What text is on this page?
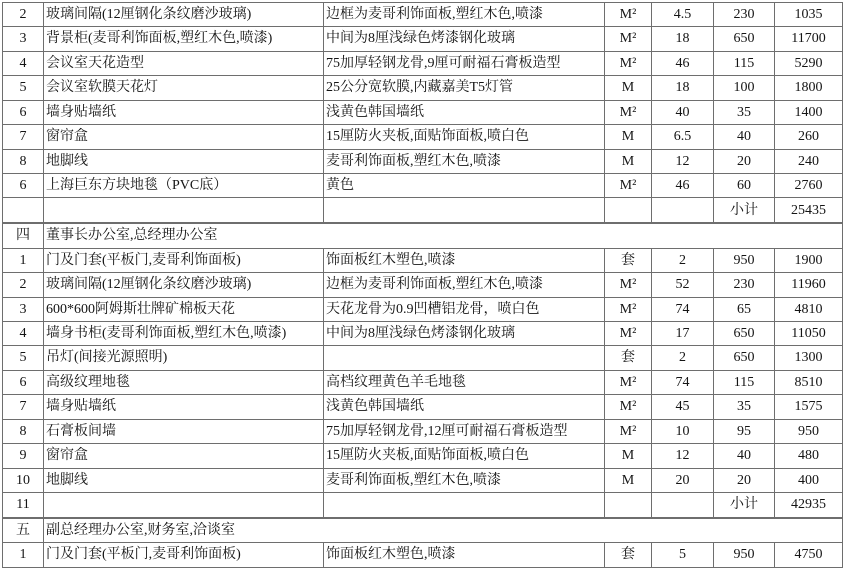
2	玻璃间隔(12厘钢化条纹磨沙玻璃)	边框为麦哥利饰面板,塑红木色,喷漆	M²	4.5	230	1035
3	背景柜(麦哥利饰面板,塑红木色,喷漆)	中间为8厘浅绿色烤漆钢化玻璃	M²	18	650	11700
4	会议室天花造型	75加厚轻钢龙骨,9厘可耐福石膏板造型	M²	46	115	5290
5	会议室软膜天花灯	25公分宽软膜,内藏嘉美T5灯管	M	18	100	1800
6	墙身贴墙纸	浅黄色韩国墙纸	M²	40	35	1400
7	窗帘盒	15厘防火夹板,面贴饰面板,喷白色	M	6.5	40	260
8	地脚线	麦哥利饰面板,塑红木色,喷漆	M	12	20	240
6	上海巨东方块地毯（PVC底）	黄色	M²	46	60	2760
					小计	25435
四	董事长办公室,总经理办公室					
1	门及门套(平板门,麦哥利饰面板)	饰面板红木塑色,喷漆	套	2	950	1900
2	玻璃间隔(12厘钢化条纹磨沙玻璃)	边框为麦哥利饰面板,塑红木色,喷漆	M²	52	230	11960
3	600*600阿姆斯壮牌矿棉板天花	天花龙骨为0.9凹槽铝龙骨，喷白色	M²	74	65	4810
4	墙身书柜(麦哥利饰面板,塑红木色,喷漆)	中间为8厘浅绿色烤漆钢化玻璃	M²	17	650	11050
5	吊灯(间接光源照明)		套	2	650	1300
6	高级纹理地毯	高档纹理黄色羊毛地毯	M²	74	115	8510
7	墙身贴墙纸	浅黄色韩国墙纸	M²	45	35	1575
8	石膏板间墙	75加厚轻钢龙骨,12厘可耐福石膏板造型	M²	10	95	950
9	窗帘盒	15厘防火夹板,面贴饰面板,喷白色	M	12	40	480
10	地脚线	麦哥利饰面板,塑红木色,喷漆	M	20	20	400
11					小计	42935
五	副总经理办公室,财务室,洽谈室					
1	门及门套(平板门,麦哥利饰面板)	饰面板红木塑色,喷漆	套	5	950	4750
